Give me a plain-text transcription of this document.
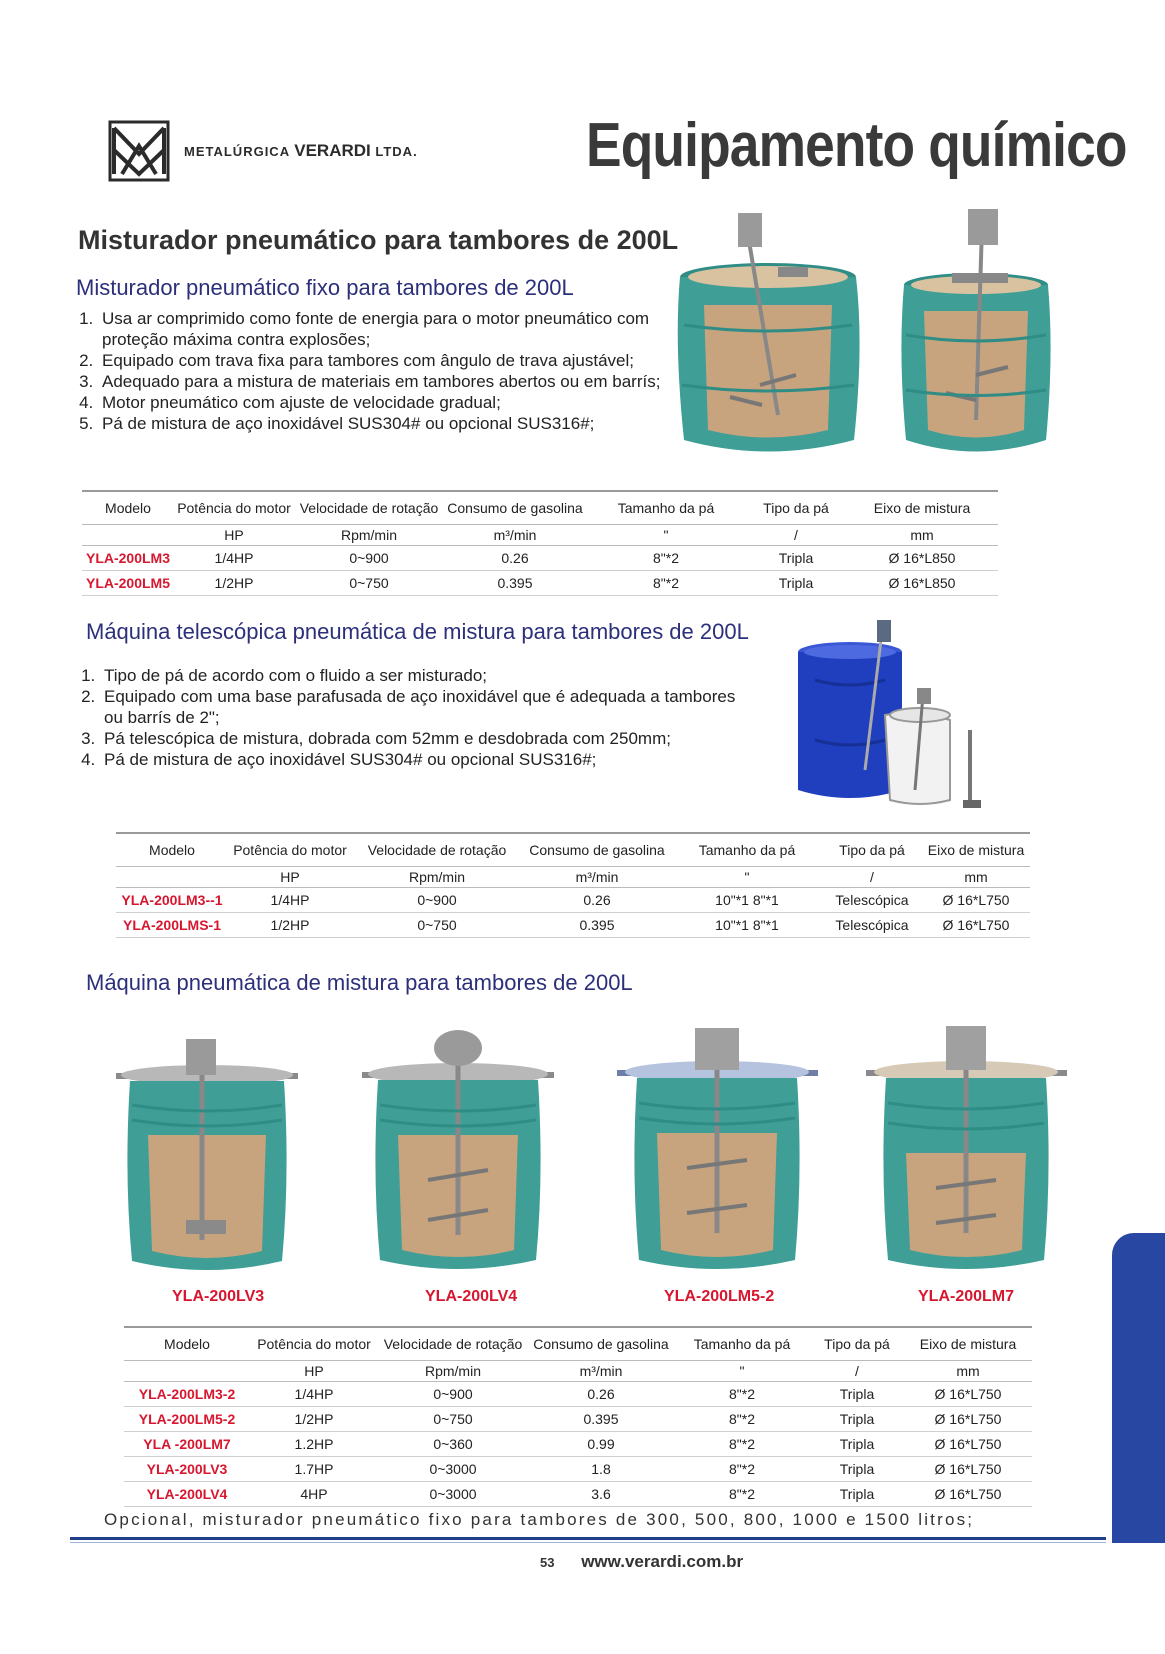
METALÚRGICA VERARDI LTDA.	Equipamento químico
Misturador pneumático para tambores de 200L
Misturador pneumático fixo para tambores de 200L
1. Usa ar comprimido como fonte de energia para o motor pneumático com proteção máxima contra explosões;
2. Equipado com trava fixa para tambores com ângulo de trava ajustável;
3. Adequado para a mistura de materiais em tambores abertos ou em barrís;
4. Motor pneumático com ajuste de velocidade gradual;
5. Pá de mistura de aço inoxidável SUS304# ou opcional SUS316#;
Modelo	Potência do motor	Velocidade de rotação	Consumo de gasolina	Tamanho da pá	Tipo da pá	Eixo de mistura
	HP	Rpm/min	m³/min	"	/	mm
YLA-200LM3	1/4HP	0~900	0.26	8"*2	Tripla	Ø 16*L850
YLA-200LM5	1/2HP	0~750	0.395	8"*2	Tripla	Ø 16*L850
Máquina telescópica pneumática de mistura para tambores de 200L
1. Tipo de pá de acordo com o fluido a ser misturado;
2. Equipado com uma base parafusada de aço inoxidável que é adequada a tambores ou barrís de 2";
3. Pá telescópica de mistura, dobrada com 52mm e desdobrada com 250mm;
4. Pá de mistura de aço inoxidável SUS304# ou opcional SUS316#;
Modelo	Potência do motor	Velocidade de rotação	Consumo de gasolina	Tamanho da pá	Tipo da pá	Eixo de mistura
	HP	Rpm/min	m³/min	"	/	mm
YLA-200LM3--1	1/4HP	0~900	0.26	10"*1 8"*1	Telescópica	Ø 16*L750
YLA-200LMS-1	1/2HP	0~750	0.395	10"*1 8"*1	Telescópica	Ø 16*L750
Máquina pneumática de mistura para tambores de 200L
YLA-200LV3	YLA-200LV4	YLA-200LM5-2	YLA-200LM7
Modelo	Potência do motor	Velocidade de rotação	Consumo de gasolina	Tamanho da pá	Tipo da pá	Eixo de mistura
	HP	Rpm/min	m³/min	"	/	mm
YLA-200LM3-2	1/4HP	0~900	0.26	8"*2	Tripla	Ø 16*L750
YLA-200LM5-2	1/2HP	0~750	0.395	8"*2	Tripla	Ø 16*L750
YLA -200LM7	1.2HP	0~360	0.99	8"*2	Tripla	Ø 16*L750
YLA-200LV3	1.7HP	0~3000	1.8	8"*2	Tripla	Ø 16*L750
YLA-200LV4	4HP	0~3000	3.6	8"*2	Tripla	Ø 16*L750
Opcional, misturador pneumático fixo para tambores de 300, 500, 800, 1000 e 1500 litros;
53 www.verardi.com.br
